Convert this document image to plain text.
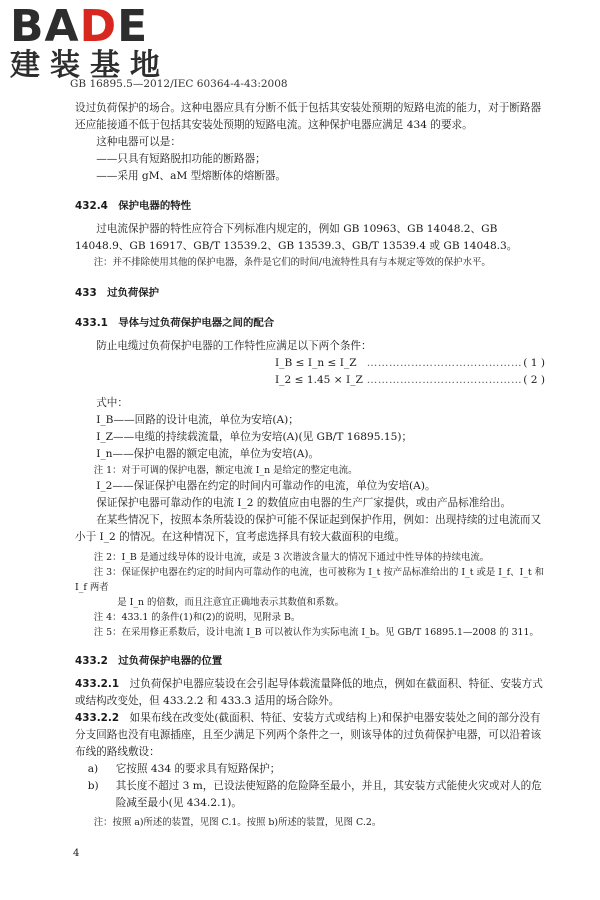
BADE
建装基地
GB 16895.5—2012/IEC 60364-4-43:2008

设过负荷保护的场合。这种电器应具有分断不低于包括其安装处预期的短路电流的能力，对于断路器还应能接通不低于包括其安装处预期的短路电流。这种保护电器应满足 434 的要求。

这种电器可以是：

——只具有短路脱扣功能的断路器；

——采用 gM、aM 型熔断体的熔断器。

432.4　保护电器的特性

过电流保护器的特性应符合下列标准内规定的，例如 GB 10963、GB 14048.2、GB 14048.9、GB 16917、GB/T 13539.2、GB 13539.3、GB/T 13539.4 或 GB 14048.3。

注：并不排除使用其他的保护电器，条件是它们的时间/电流特性具有与本规定等效的保护水平。

433　过负荷保护

433.1　导体与过负荷保护电器之间的配合

防止电缆过负荷保护电器的工作特性应满足以下两个条件：

I_B ≤ I_n ≤ I_Z …………………………………… ( 1 )
I_2 ≤ 1.45 × I_Z …………………………………… ( 2 )

式中：

I_B——回路的设计电流，单位为安培(A)；

I_Z——电缆的持续载流量，单位为安培(A)(见 GB/T 16895.15)；

I_n——保护电器的额定电流，单位为安培(A)。

注 1：对于可调的保护电器，额定电流 I_n 是给定的整定电流。

I_2——保证保护电器在约定的时间内可靠动作的电流，单位为安培(A)。

保证保护电器可靠动作的电流 I_2 的数值应由电器的生产厂家提供，或由产品标准给出。

在某些情况下，按照本条所装设的保护可能不保证起到保护作用，例如：出现持续的过电流而又小于 I_2 的情况。在这种情况下，宜考虑选择具有较大截面积的电缆。

注 2：I_B 是通过线导体的设计电流，或是 3 次谐波含量大的情况下通过中性导体的持续电流。

注 3：保证保护电器在约定的时间内可靠动作的电流，也可被称为 I_t 按产品标准给出的 I_t 或是 I_f、I_t 和 I_f 两者

是 I_n 的倍数，而且注意宜正确地表示其数值和系数。

注 4：433.1 的条件(1)和(2)的说明，见附录 B。

注 5：在采用修正系数后，设计电流 I_B 可以被认作为实际电流 I_b。见 GB/T 16895.1—2008 的 311。

433.2　过负荷保护电器的位置

433.2.1　 过负荷保护电器应装设在会引起导体载流量降低的地点，例如在截面积、特征、安装方式或结构改变处，但 433.2.2 和 433.3 适用的场合除外。

433.2.2　 如果布线在改变处(截面积、特征、安装方式或结构上)和保护电器安装处之间的部分没有分支回路也没有电源插座，且至少满足下列两个条件之一，则该导体的过负荷保护电器，可以沿着该布线的路线敷设：

a)	它按照 434 的要求具有短路保护；
b)	其长度不超过 3 m，已设法使短路的危险降至最小，并且，其安装方式能使火灾或对人的危险减至最小(见 434.2.1)。

注：按照 a)所述的装置，见图 C.1。按照 b)所述的装置，见图 C.2。

4
